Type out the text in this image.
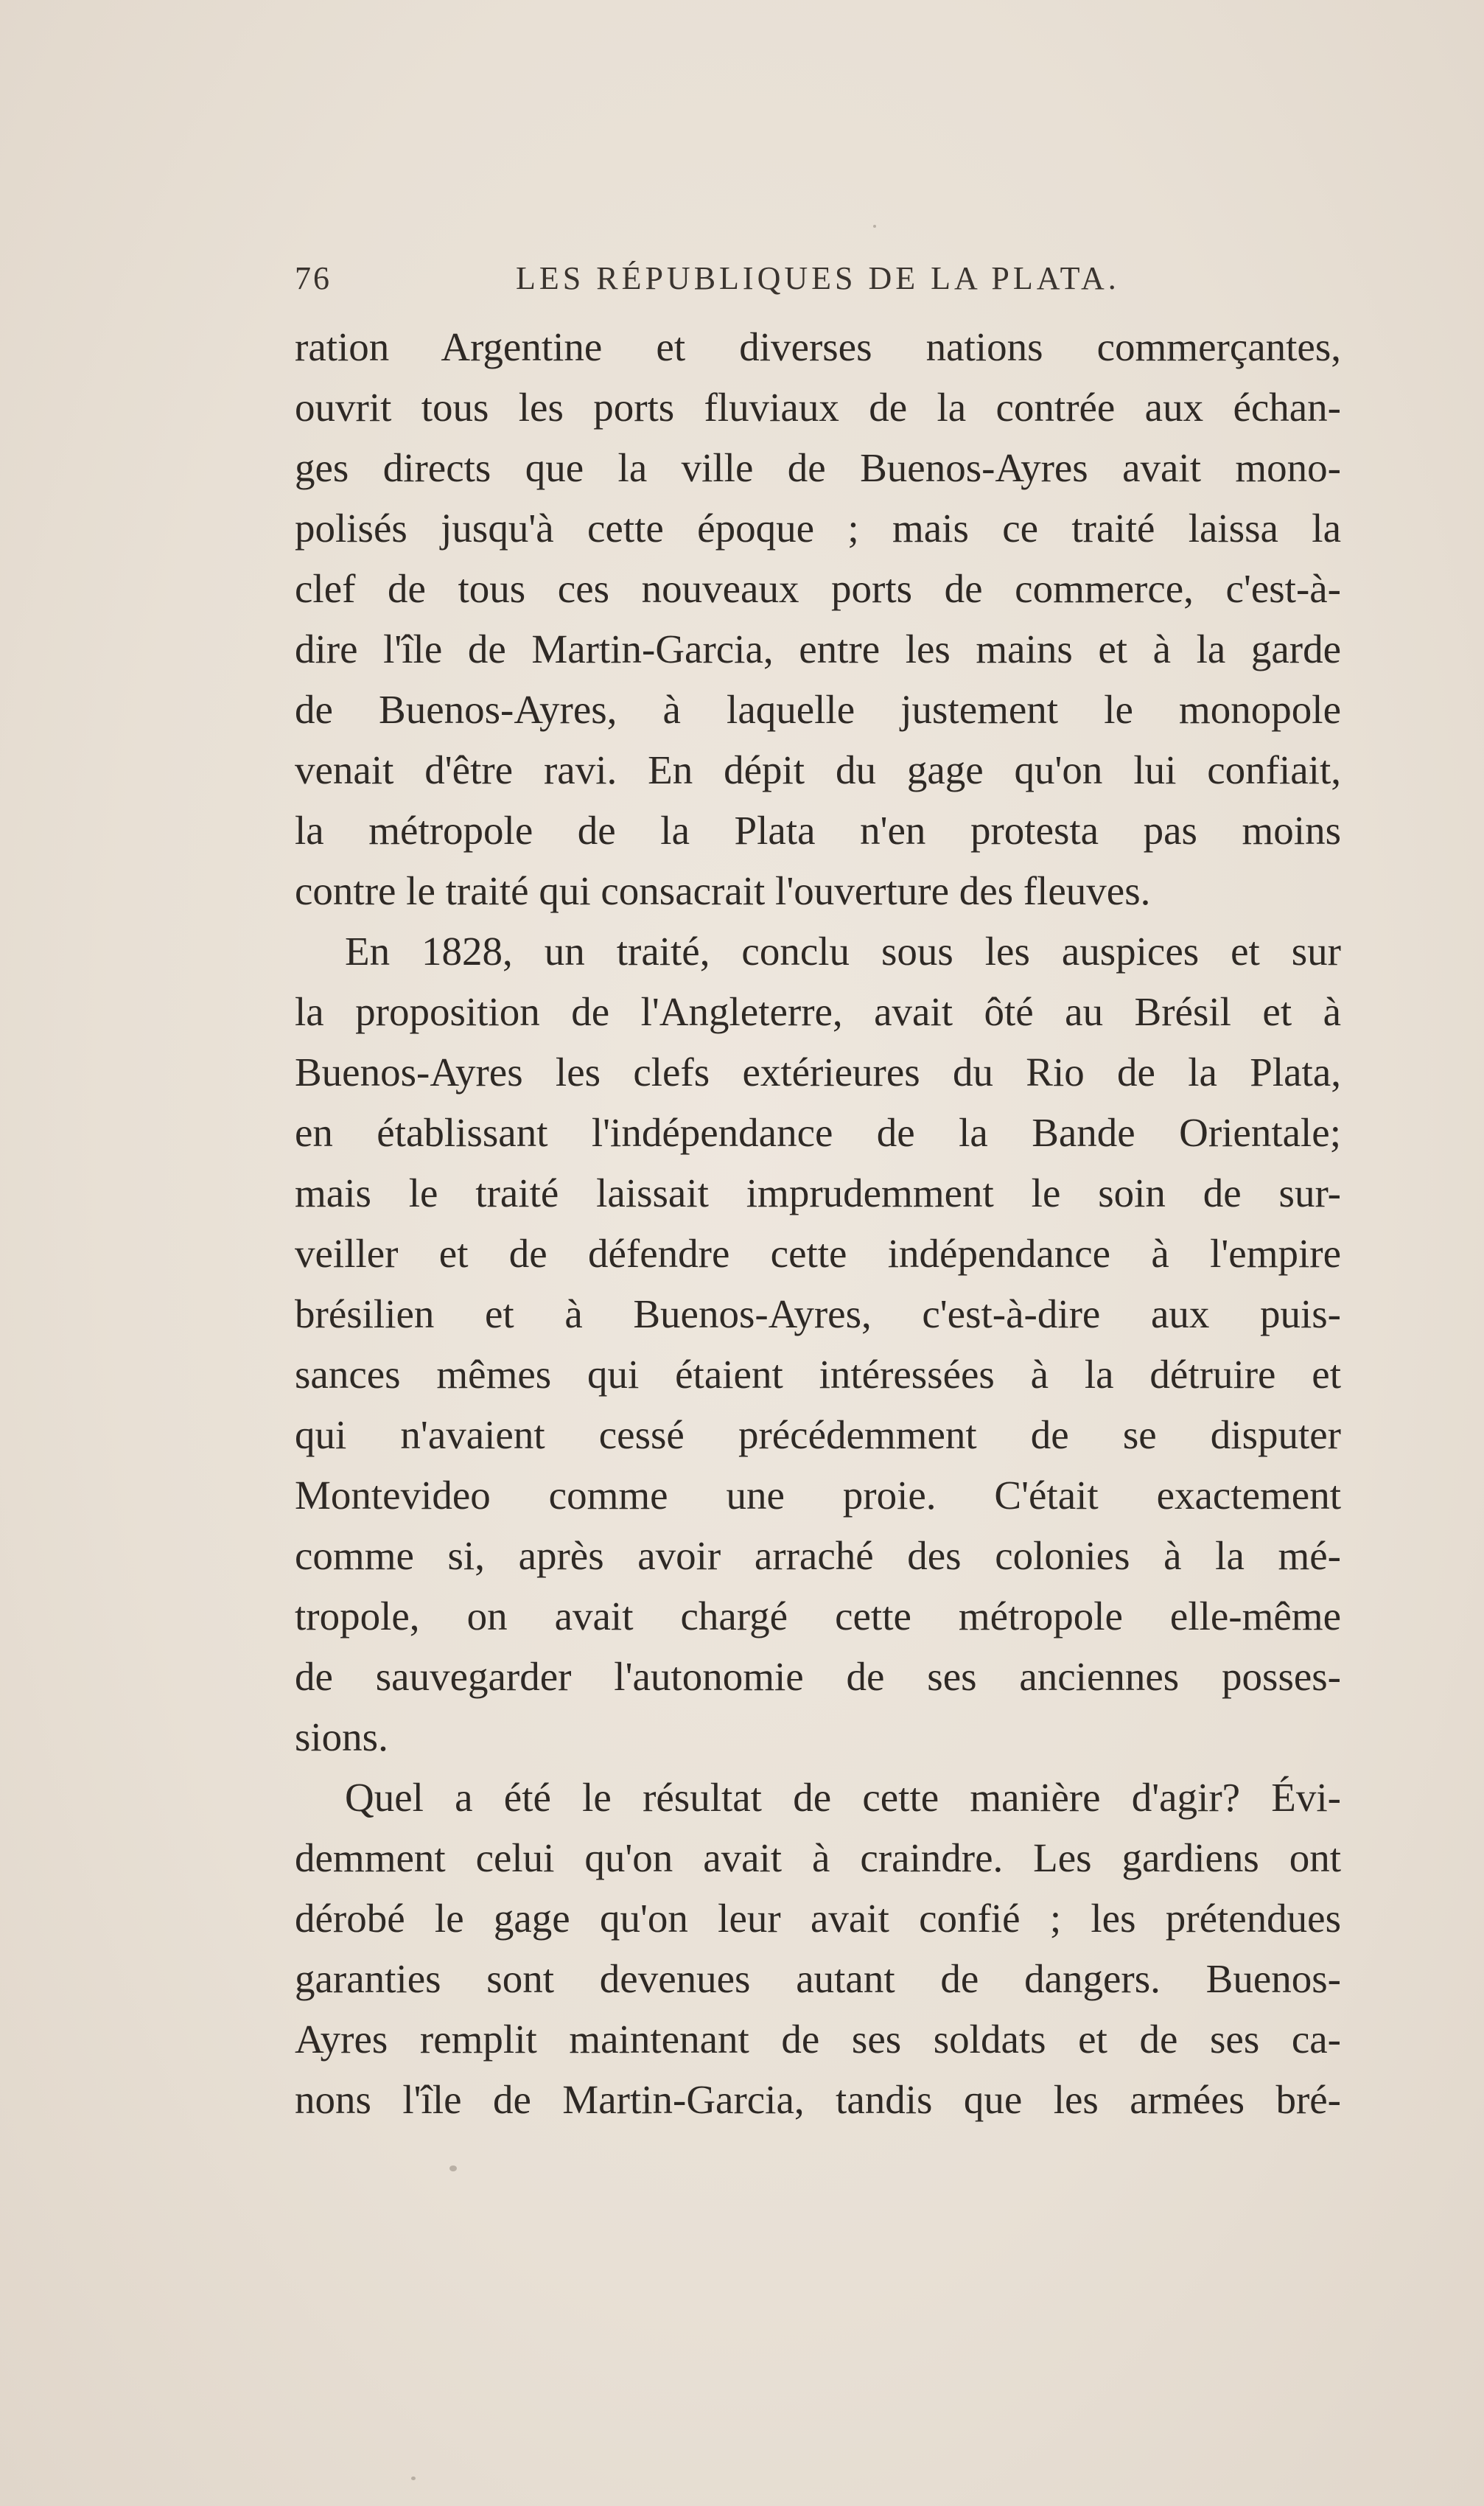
76	LES RÉPUBLIQUES DE LA PLATA.
ration Argentine et diverses nations commerçantes,
ouvrit tous les ports fluviaux de la contrée aux échan-
ges directs que la ville de Buenos-Ayres avait mono-
polisés jusqu'à cette époque ; mais ce traité laissa la
clef de tous ces nouveaux ports de commerce, c'est-à-
dire l'île de Martin-Garcia, entre les mains et à la garde
de Buenos-Ayres, à laquelle justement le monopole
venait d'être ravi. En dépit du gage qu'on lui confiait,
la métropole de la Plata n'en protesta pas moins
contre le traité qui consacrait l'ouverture des fleuves.
En 1828, un traité, conclu sous les auspices et sur
la proposition de l'Angleterre, avait ôté au Brésil et à
Buenos-Ayres les clefs extérieures du Rio de la Plata,
en établissant l'indépendance de la Bande Orientale;
mais le traité laissait imprudemment le soin de sur-
veiller et de défendre cette indépendance à l'empire
brésilien et à Buenos-Ayres, c'est-à-dire aux puis-
sances mêmes qui étaient intéressées à la détruire et
qui n'avaient cessé précédemment de se disputer
Montevideo comme une proie. C'était exactement
comme si, après avoir arraché des colonies à la mé-
tropole, on avait chargé cette métropole elle-même
de sauvegarder l'autonomie de ses anciennes posses-
sions.
Quel a été le résultat de cette manière d'agir? Évi-
demment celui qu'on avait à craindre. Les gardiens ont
dérobé le gage qu'on leur avait confié ; les prétendues
garanties sont devenues autant de dangers. Buenos-
Ayres remplit maintenant de ses soldats et de ses ca-
nons l'île de Martin-Garcia, tandis que les armées bré-
